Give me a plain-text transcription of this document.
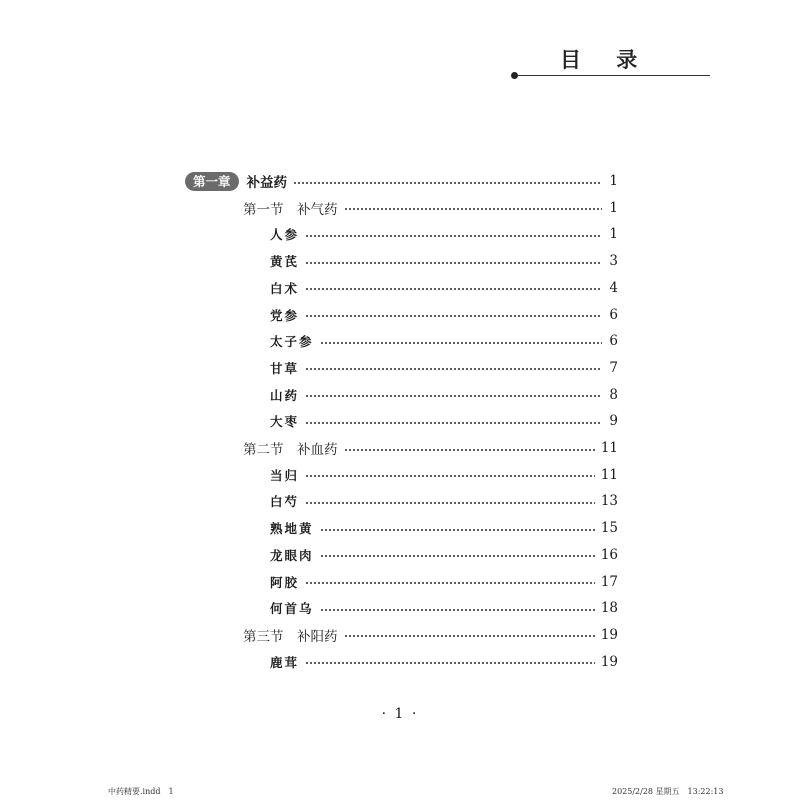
目 录
第一章	补益药	1
第一节　补气药	1
人参	1
黄芪	3
白术	4
党参	6
太子参	6
甘草	7
山药	8
大枣	9
第二节　补血药	11
当归	11
白芍	13
熟地黄	15
龙眼肉	16
阿胶	17
何首乌	18
第三节　补阳药	19
鹿茸	19
· 1 ·
中药精要.indd　1	2025/2/28 星期五　13:22:13
